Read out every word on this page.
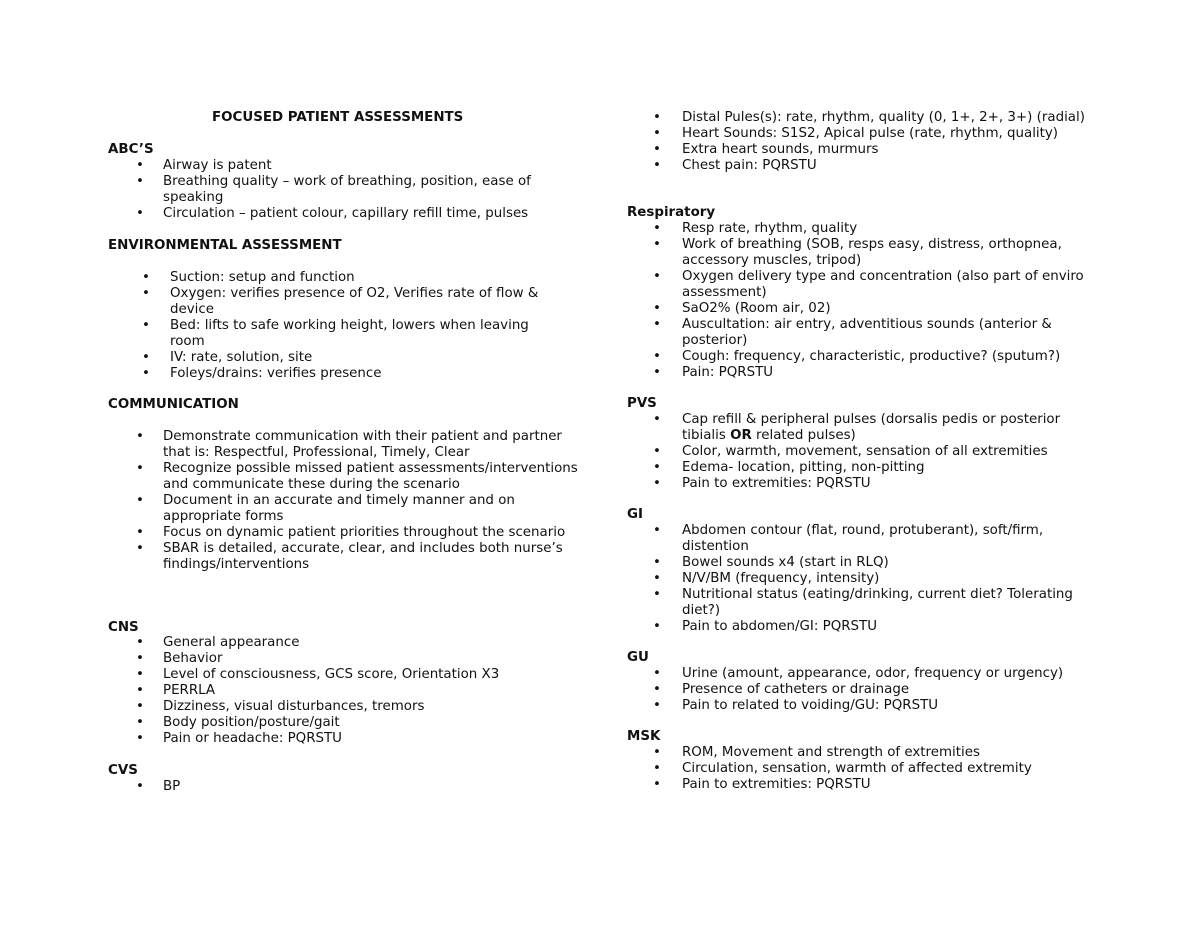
FOCUSED PATIENT ASSESSMENTS
ABC’S
• Airway is patent
• Breathing quality – work of breathing, position, ease of speaking
• Circulation – patient colour, capillary refill time, pulses
ENVIRONMENTAL ASSESSMENT
• Suction: setup and function
• Oxygen: verifies presence of O2, Verifies rate of flow & device
• Bed: lifts to safe working height, lowers when leaving room
• IV: rate, solution, site
• Foleys/drains: verifies presence
COMMUNICATION
• Demonstrate communication with their patient and partner that is: Respectful, Professional, Timely, Clear
• Recognize possible missed patient assessments/interventions and communicate these during the scenario
• Document in an accurate and timely manner and on appropriate forms
• Focus on dynamic patient priorities throughout the scenario
• SBAR is detailed, accurate, clear, and includes both nurse’s findings/interventions
CNS
• General appearance
• Behavior
• Level of consciousness, GCS score, Orientation X3
• PERRLA
• Dizziness, visual disturbances, tremors
• Body position/posture/gait
• Pain or headache: PQRSTU
CVS
• BP
• Distal Pules(s): rate, rhythm, quality (0, 1+, 2+, 3+) (radial)
• Heart Sounds: S1S2, Apical pulse (rate, rhythm, quality)
• Extra heart sounds, murmurs
• Chest pain: PQRSTU
Respiratory
• Resp rate, rhythm, quality
• Work of breathing (SOB, resps easy, distress, orthopnea, accessory muscles, tripod)
• Oxygen delivery type and concentration (also part of enviro assessment)
• SaO2% (Room air, 02)
• Auscultation: air entry, adventitious sounds (anterior & posterior)
• Cough: frequency, characteristic, productive? (sputum?)
• Pain: PQRSTU
PVS
• Cap refill & peripheral pulses (dorsalis pedis or posterior tibialis OR related pulses)
• Color, warmth, movement, sensation of all extremities
• Edema- location, pitting, non-pitting
• Pain to extremities: PQRSTU
GI
• Abdomen contour (flat, round, protuberant), soft/firm, distention
• Bowel sounds x4 (start in RLQ)
• N/V/BM (frequency, intensity)
• Nutritional status (eating/drinking, current diet? Tolerating diet?)
• Pain to abdomen/GI: PQRSTU
GU
• Urine (amount, appearance, odor, frequency or urgency)
• Presence of catheters or drainage
• Pain to related to voiding/GU: PQRSTU
MSK
• ROM, Movement and strength of extremities
• Circulation, sensation, warmth of affected extremity
• Pain to extremities: PQRSTU
